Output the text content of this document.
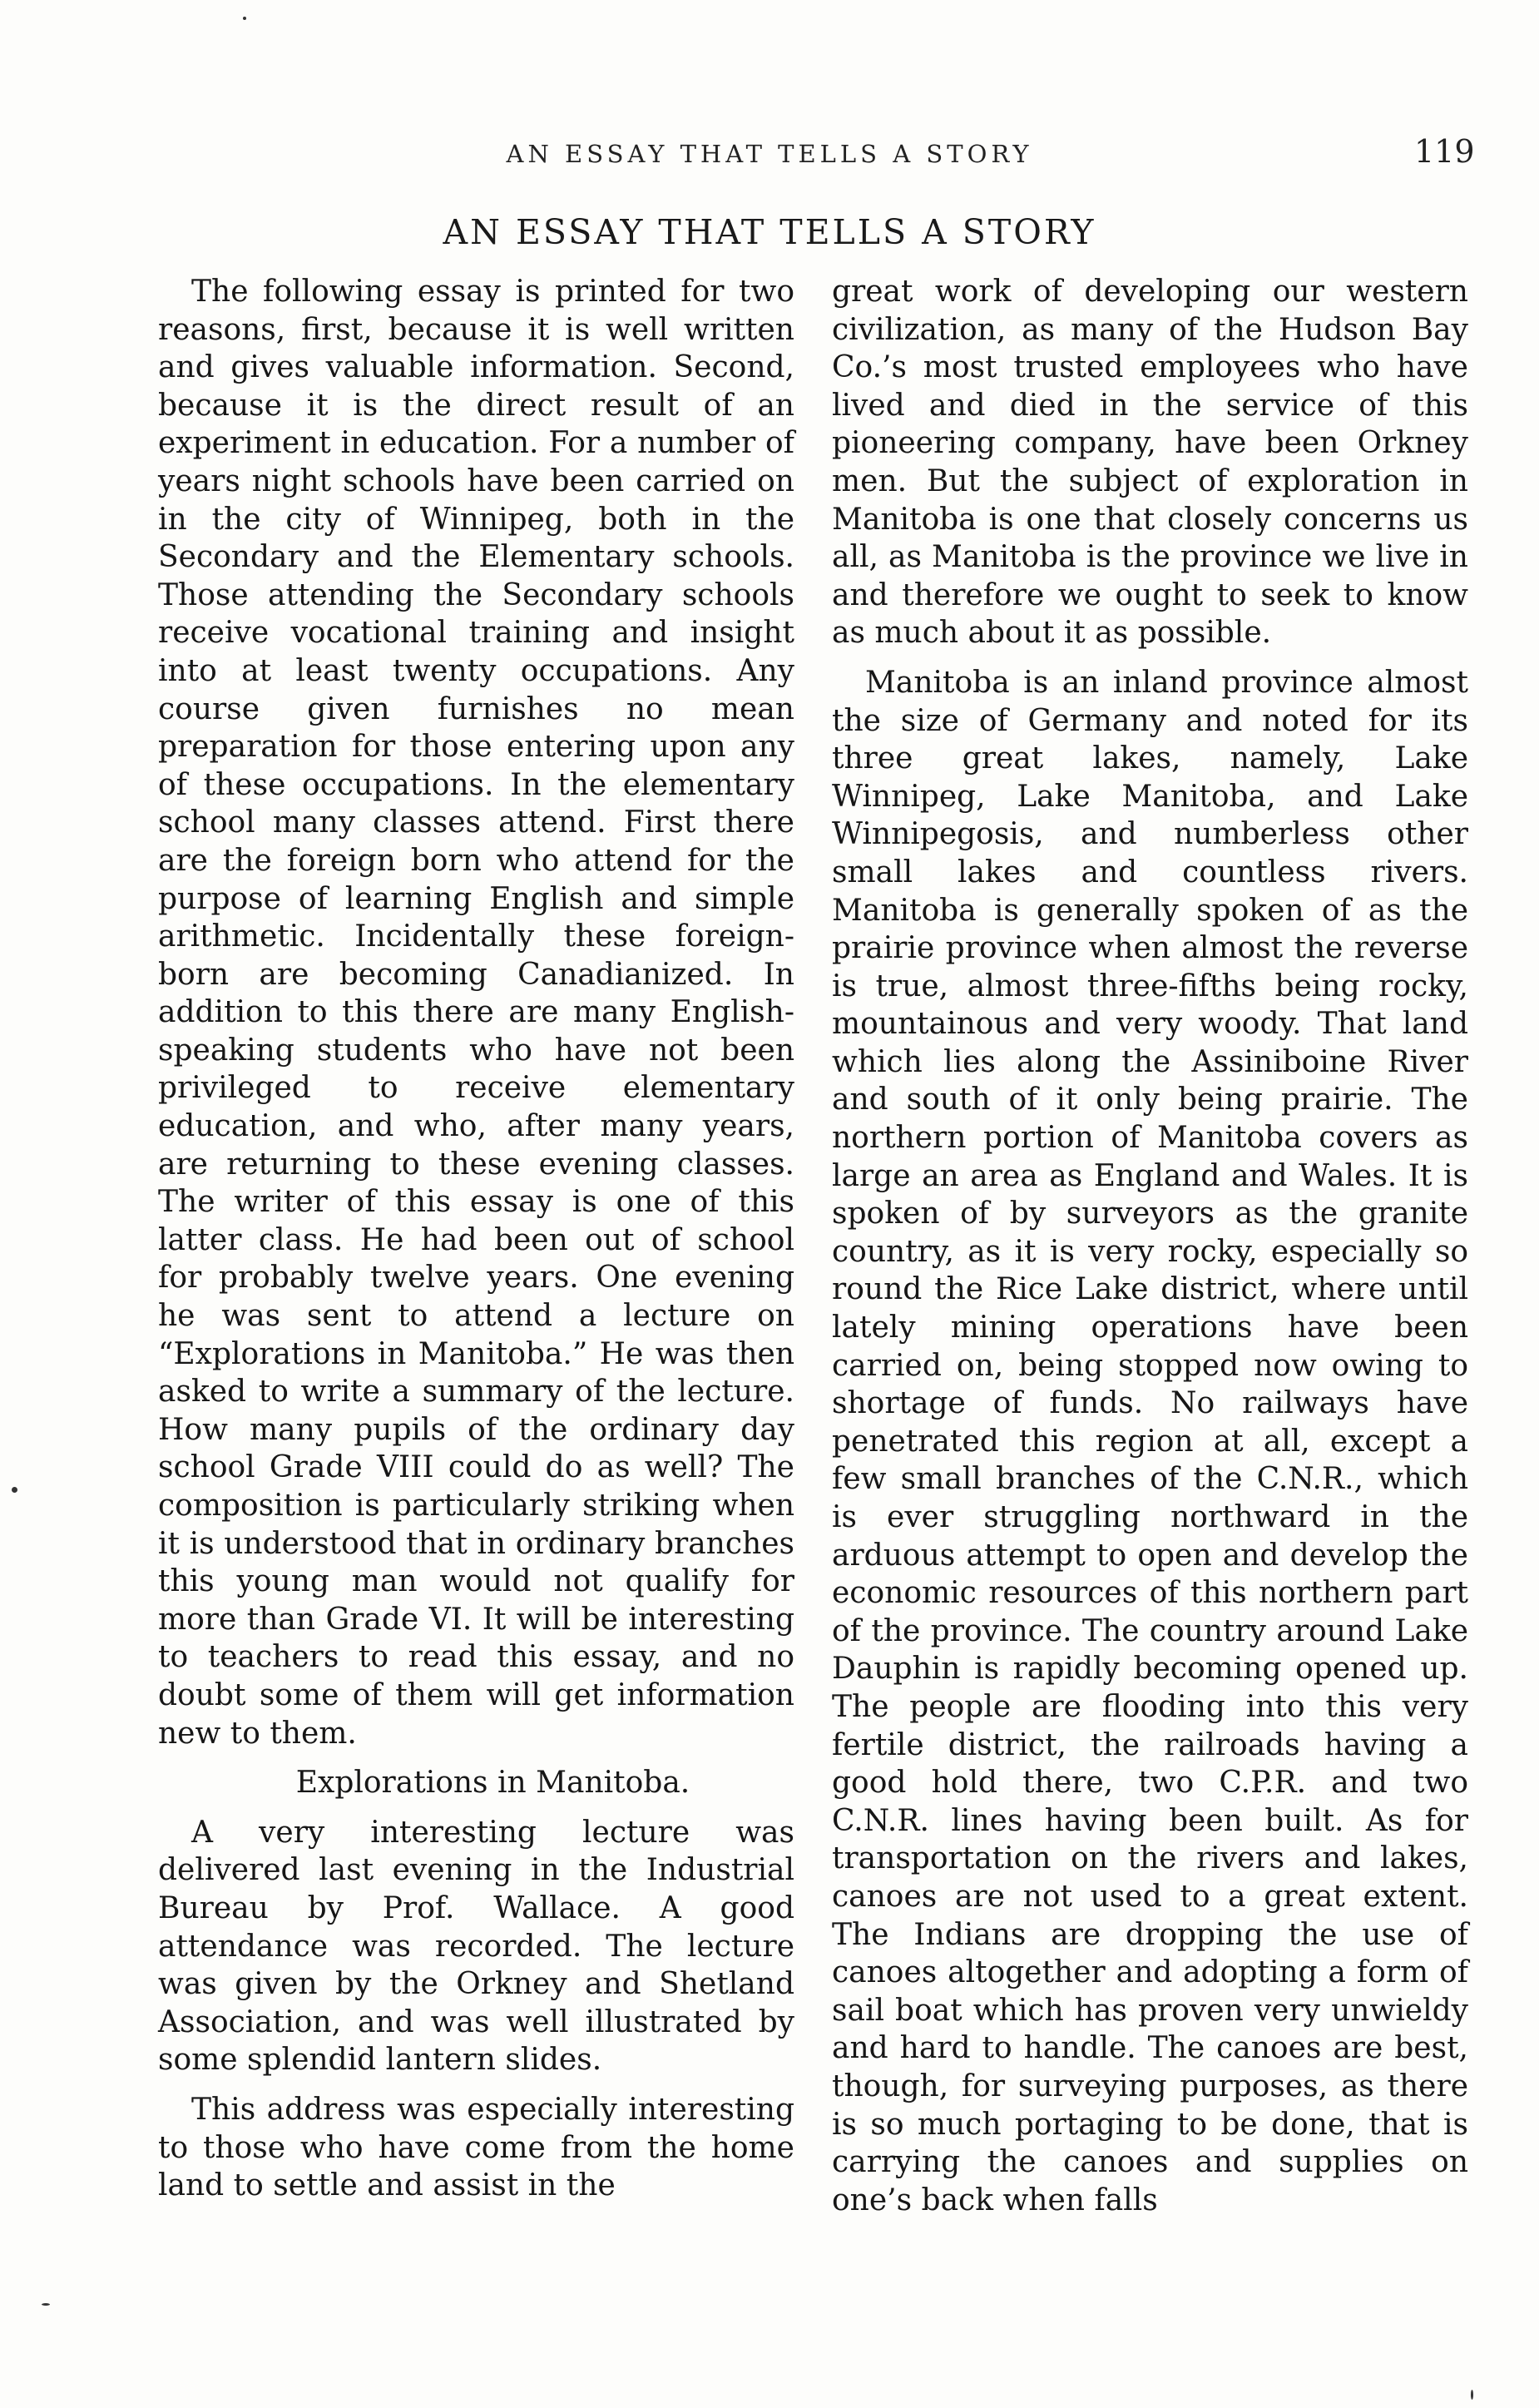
AN ESSAY THAT TELLS A STORY	119
AN ESSAY THAT TELLS A STORY

The following essay is printed for two reasons, first, because it is well written and gives valuable information. Second, because it is the direct result of an experiment in education. For a number of years night schools have been carried on in the city of Winnipeg, both in the Secondary and the Elementary schools. Those attending the Secondary schools receive vocational training and insight into at least twenty occupations. Any course given furnishes no mean preparation for those entering upon any of these occupations. In the elementary school many classes attend. First there are the foreign born who attend for the purpose of learning English and simple arithmetic. Incidentally these foreign-born are becoming Canadianized. In addition to this there are many English-speaking students who have not been privileged to receive elementary education, and who, after many years, are returning to these evening classes. The writer of this essay is one of this latter class. He had been out of school for probably twelve years. One evening he was sent to attend a lecture on “Explorations in Manitoba.” He was then asked to write a summary of the lecture. How many pupils of the ordinary day school Grade VIII could do as well? The composition is particularly striking when it is understood that in ordinary branches this young man would not qualify for more than Grade VI. It will be interesting to teachers to read this essay, and no doubt some of them will get information new to them.

Explorations in Manitoba.

A very interesting lecture was delivered last evening in the Industrial Bureau by Prof. Wallace. A good attendance was recorded. The lecture was given by the Orkney and Shetland Association, and was well illustrated by some splendid lantern slides.

This address was especially interesting to those who have come from the home land to settle and assist in the

great work of developing our western civilization, as many of the Hudson Bay Co.’s most trusted employees who have lived and died in the service of this pioneering company, have been Orkney men. But the subject of exploration in Manitoba is one that closely concerns us all, as Manitoba is the province we live in and therefore we ought to seek to know as much about it as possible.

Manitoba is an inland province almost the size of Germany and noted for its three great lakes, namely, Lake Winnipeg, Lake Manitoba, and Lake Winnipegosis, and numberless other small lakes and countless rivers. Manitoba is generally spoken of as the prairie province when almost the reverse is true, almost three-fifths being rocky, mountainous and very woody. That land which lies along the Assiniboine River and south of it only being prairie. The northern portion of Manitoba covers as large an area as England and Wales. It is spoken of by surveyors as the granite country, as it is very rocky, especially so round the Rice Lake district, where until lately mining operations have been carried on, being stopped now owing to shortage of funds. No railways have penetrated this region at all, except a few small branches of the C.N.R., which is ever struggling northward in the arduous attempt to open and develop the economic resources of this northern part of the province. The country around Lake Dauphin is rapidly becoming opened up. The people are flooding into this very fertile district, the railroads having a good hold there, two C.P.R. and two C.N.R. lines having been built. As for transportation on the rivers and lakes, canoes are not used to a great extent. The Indians are dropping the use of canoes altogether and adopting a form of sail boat which has proven very unwieldy and hard to handle. The canoes are best, though, for surveying purposes, as there is so much portaging to be done, that is carrying the canoes and supplies on one’s back when falls
